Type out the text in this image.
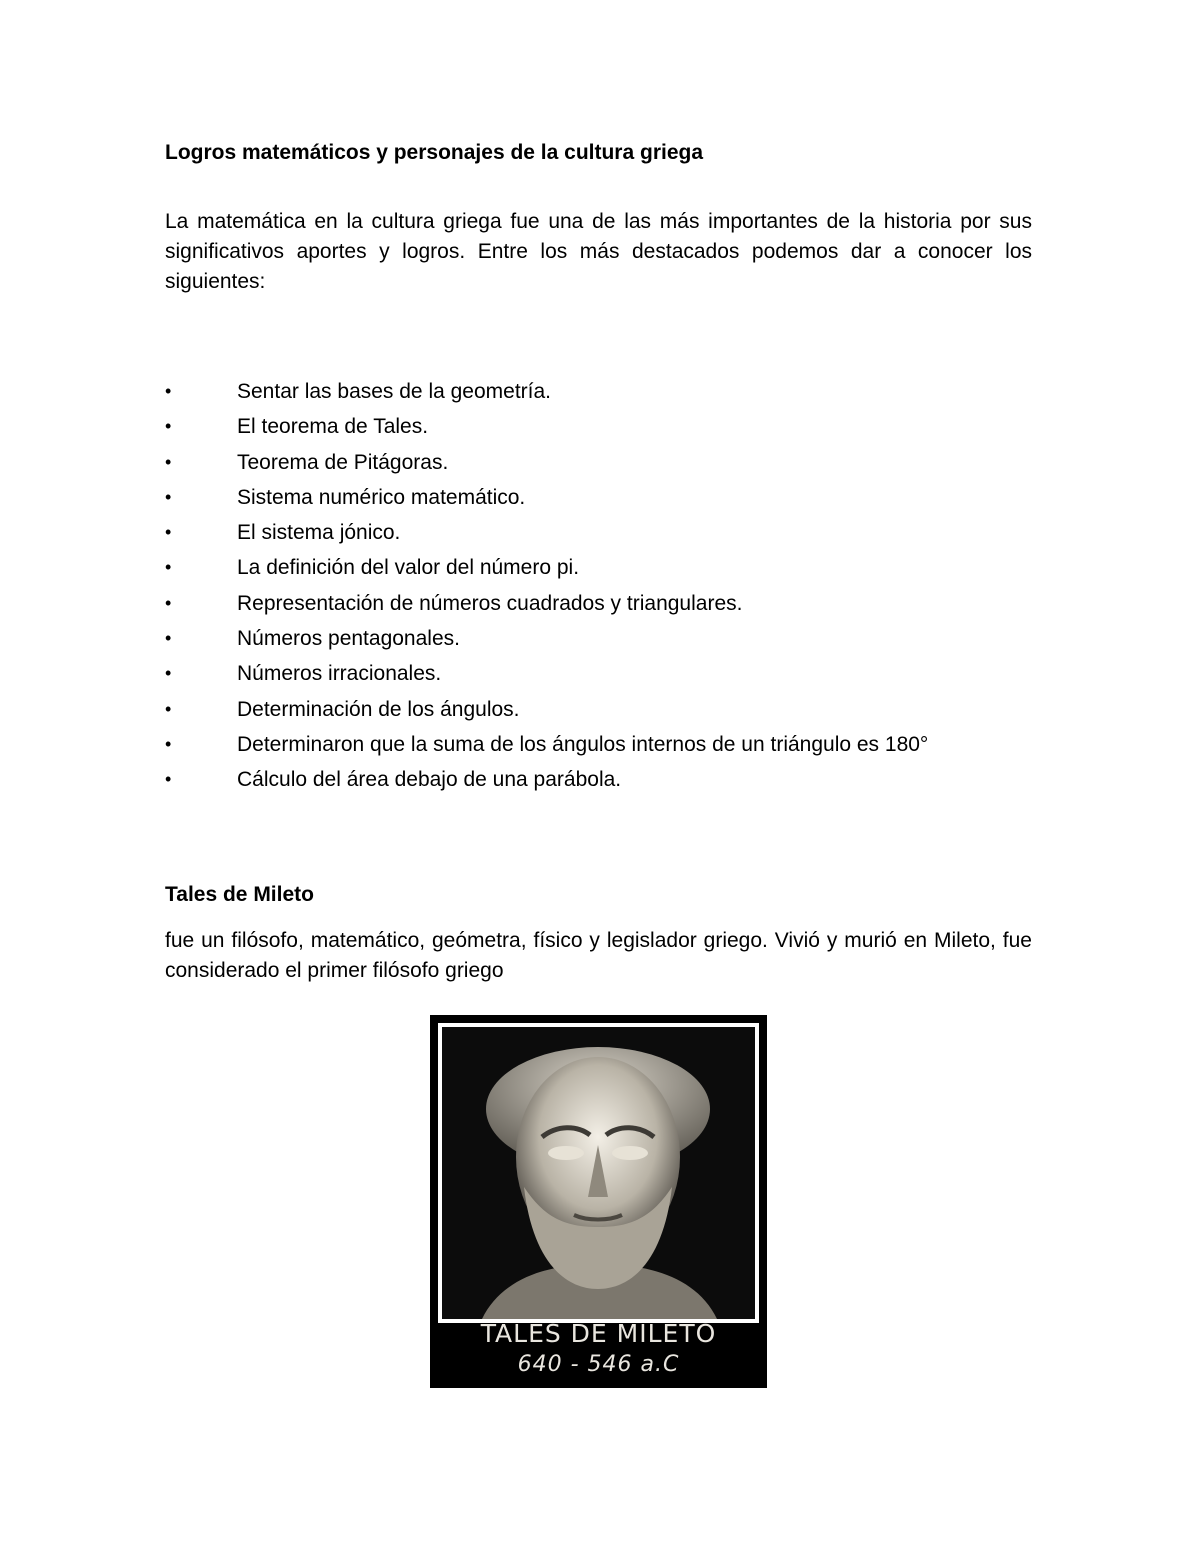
Logros matemáticos y personajes de la cultura griega

La matemática en la cultura griega fue una de las más importantes de la historia por sus significativos aportes y logros. Entre los más destacados podemos dar a conocer los siguientes:

•	Sentar las bases de la geometría.
•	El teorema de Tales.
•	Teorema de Pitágoras.
•	Sistema numérico matemático.
•	El sistema jónico.
•	La definición del valor del número pi.
•	Representación de números cuadrados y triangulares.
•	Números pentagonales.
•	Números irracionales.
•	Determinación de los ángulos.
•	Determinaron que la suma de los ángulos internos de un triángulo es 180°
•	Cálculo del área debajo de una parábola.
Tales de Mileto

fue un filósofo, matemático, geómetra, físico y legislador griego. Vivió y murió en Mileto, fue considerado el primer filósofo griego

TALES DE MILETO
640 - 546 a.C
